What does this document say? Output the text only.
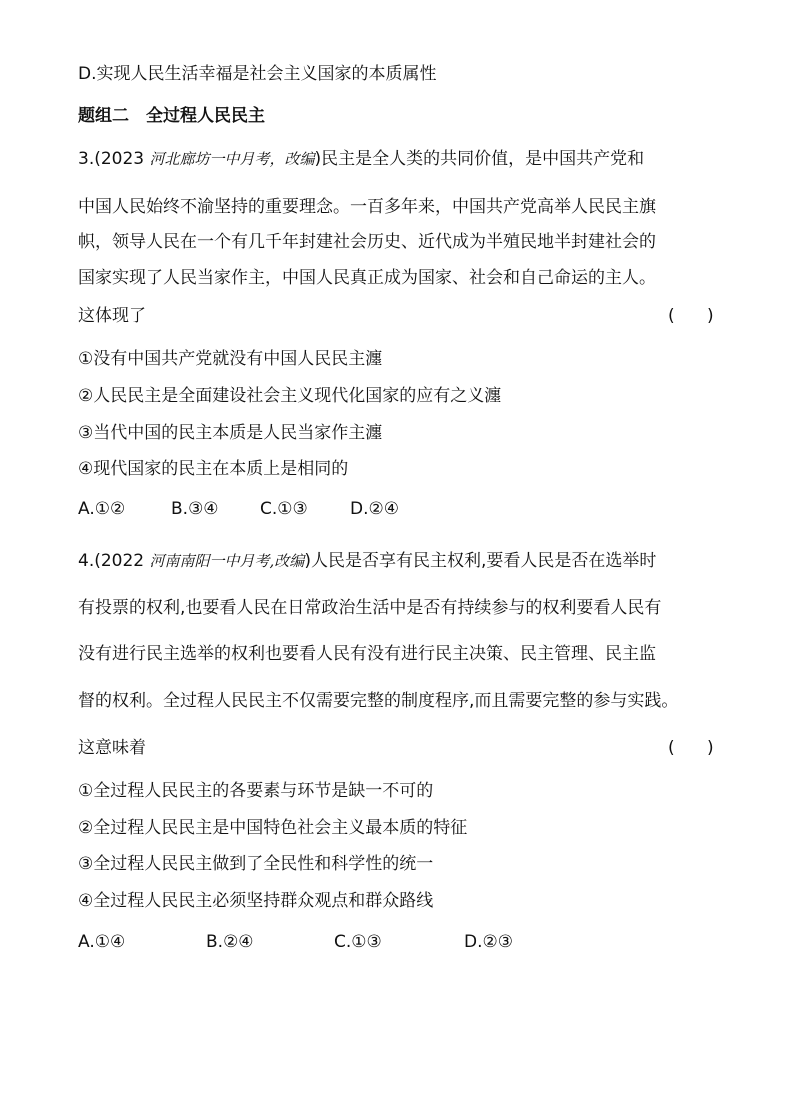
D.实现人民生活幸福是社会主义国家的本质属性
题组二　全过程人民民主
3.(2023 河北廊坊一中月考，改编)民主是全人类的共同价值，是中国共产党和
中国人民始终不渝坚持的重要理念。一百多年来，中国共产党高举人民民主旗
帜，领导人民在一个有几千年封建社会历史、近代成为半殖民地半封建社会的
国家实现了人民当家作主，中国人民真正成为国家、社会和自己命运的主人。
这体现了	(      )
①没有中国共产党就没有中国人民民主瀍
②人民民主是全面建设社会主义现代化国家的应有之义瀍
③当代中国的民主本质是人民当家作主瀍
④现代国家的民主在本质上是相同的
A.①②	B.③④ C.①③ D.②④
4.(2022 河南南阳一中月考,改编)人民是否享有民主权利,要看人民是否在选举时
有投票的权利,也要看人民在日常政治生活中是否有持续参与的权利要看人民有
没有进行民主选举的权利也要看人民有没有进行民主决策、民主管理、民主监
督的权利。全过程人民民主不仅需要完整的制度程序,而且需要完整的参与实践。
这意味着	(      )
①全过程人民民主的各要素与环节是缺一不可的
②全过程人民民主是中国特色社会主义最本质的特征
③全过程人民民主做到了全民性和科学性的统一
④全过程人民民主必须坚持群众观点和群众路线
A.①④	B.②④	C.①③	D.②③
